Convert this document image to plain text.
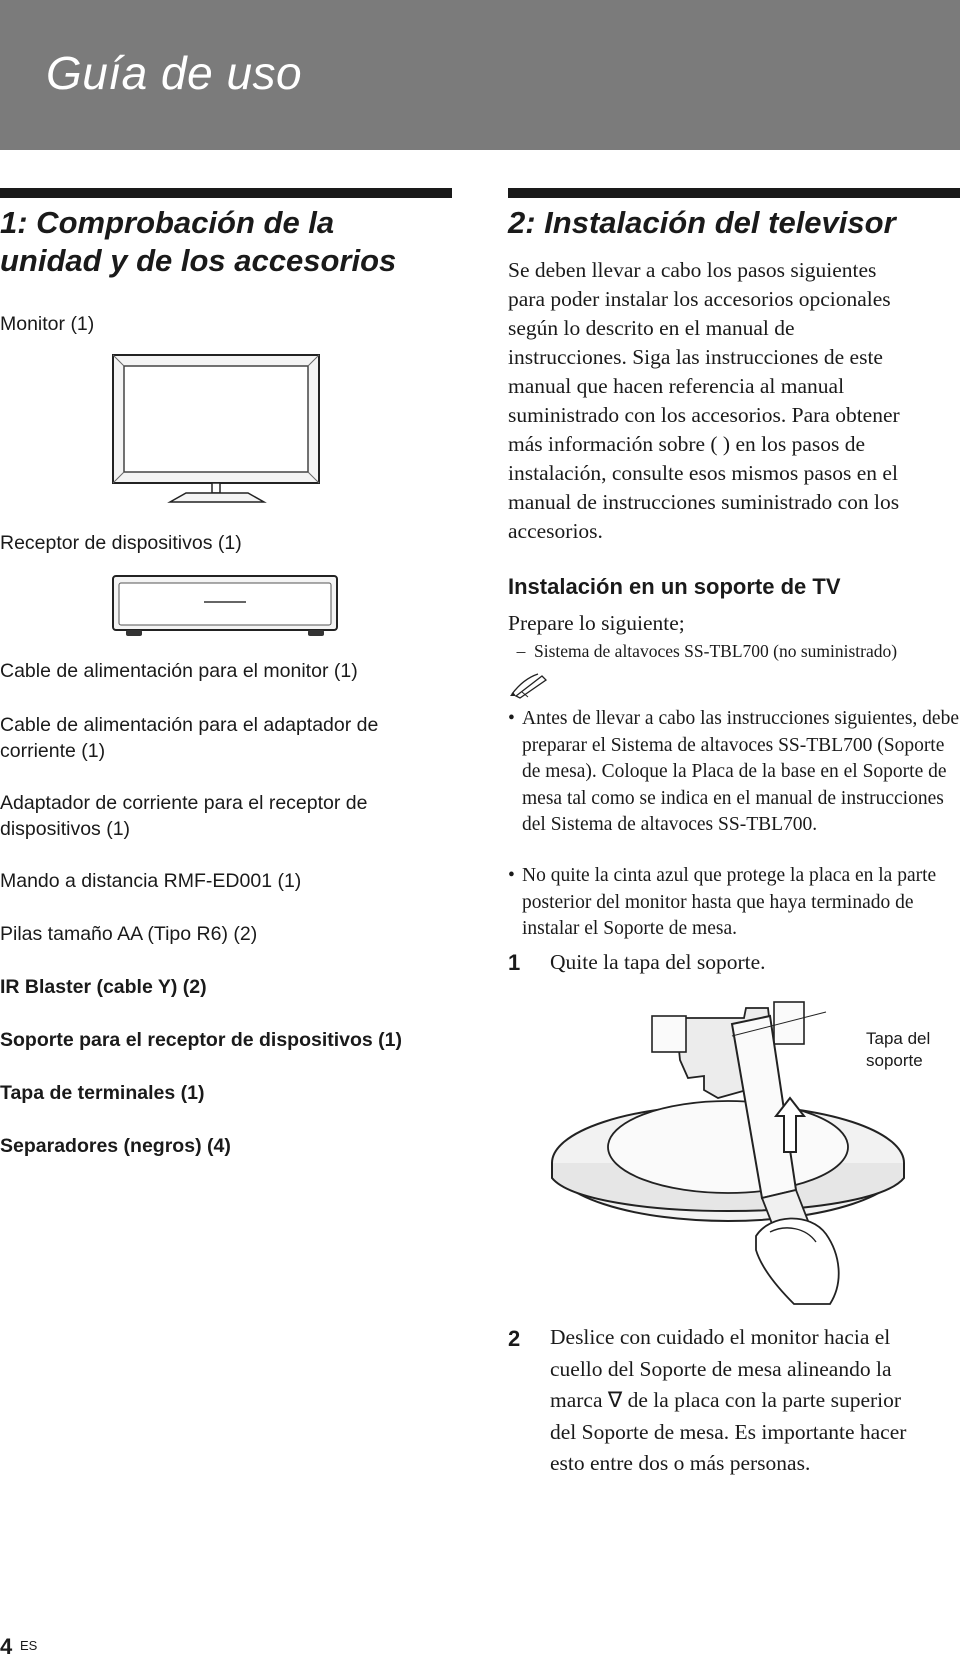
Guía de uso
1: Comprobación de la
unidad y de los accesorios
Monitor (1)
Receptor de dispositivos (1)
Cable de alimentación para el monitor (1)
Cable de alimentación para el adaptador de
corriente (1)
Adaptador de corriente para el receptor de
dispositivos (1)
Mando a distancia RMF-ED001 (1)
Pilas tamaño AA (Tipo R6) (2)
IR Blaster (cable Y) (2)
Soporte para el receptor de dispositivos (1)
Tapa de terminales (1)
Separadores (negros) (4)
2: Instalación del televisor
Se deben llevar a cabo los pasos siguientes
para poder instalar los accesorios opcionales
según lo descrito en el manual de
instrucciones. Siga las instrucciones de este
manual que hacen referencia al manual
suministrado con los accesorios. Para obtener
más información sobre ( ) en los pasos de
instalación, consulte esos mismos pasos en el
manual de instrucciones suministrado con los
accesorios.
Instalación en un soporte de TV
Prepare lo siguiente;
– Sistema de altavoces SS-TBL700 (no suministrado)
• Antes de llevar a cabo las instrucciones siguientes, debe preparar el Sistema de altavoces SS-TBL700 (Soporte de mesa). Coloque la Placa de la base en el Soporte de mesa tal como se indica en el manual de instrucciones del Sistema de altavoces SS-TBL700.
• No quite la cinta azul que protege la placa en la parte posterior del monitor hasta que haya terminado de instalar el Soporte de mesa.
1 Quite la tapa del soporte.
Tapa del
soporte
2 Deslice con cuidado el monitor hacia el
cuello del Soporte de mesa alineando la
marca ∇ de la placa con la parte superior
del Soporte de mesa. Es importante hacer
esto entre dos o más personas.
4 ES
